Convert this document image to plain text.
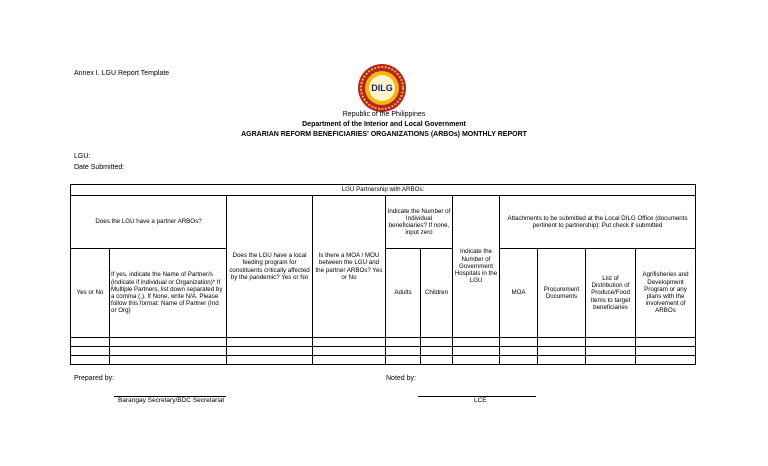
Annex I. LGU Report Template
DILG
Republic of the Philippines
Department of the Interior and Local Government
AGRARIAN REFORM BENEFICIARIES' ORGANIZATIONS (ARBOs) MONTHLY REPORT
LGU:
Date Submitted:
LGU Partnership with ARBOs:										
Does the LGU have a partner ARBOs?		Does the LGU have a local feeding program for constituents critically affected by the pandemic? Yes or No	Is there a MOA / MOU between the LGU and the partner ARBOs? Yes or No	Indicate the Number of Individual beneficiaries? If none, input zero		Indicate the Number of Government Hospitals in the LGU	Attachments to be submitted at the Local DILG Office (documents pertinent to partnership): Put check if submitted			
Yes or No	If yes, indicate the Name of Partner/s (indicate if individual or Organization)* If Multiple Partners, list down separated by a comma (,). If None, write N/A. Please follow this format: Name of Partner (Ind or Org)			Adults	Children		MOA	Procurement Documents	List of Distribution of Produce/Food Items to target beneficiaries	Agrifisheries and Development Program or any plans with the involvement of ARBOs

Prepared by:	Noted by:
Barangay Secretary/BDC Secretariat	LCE
